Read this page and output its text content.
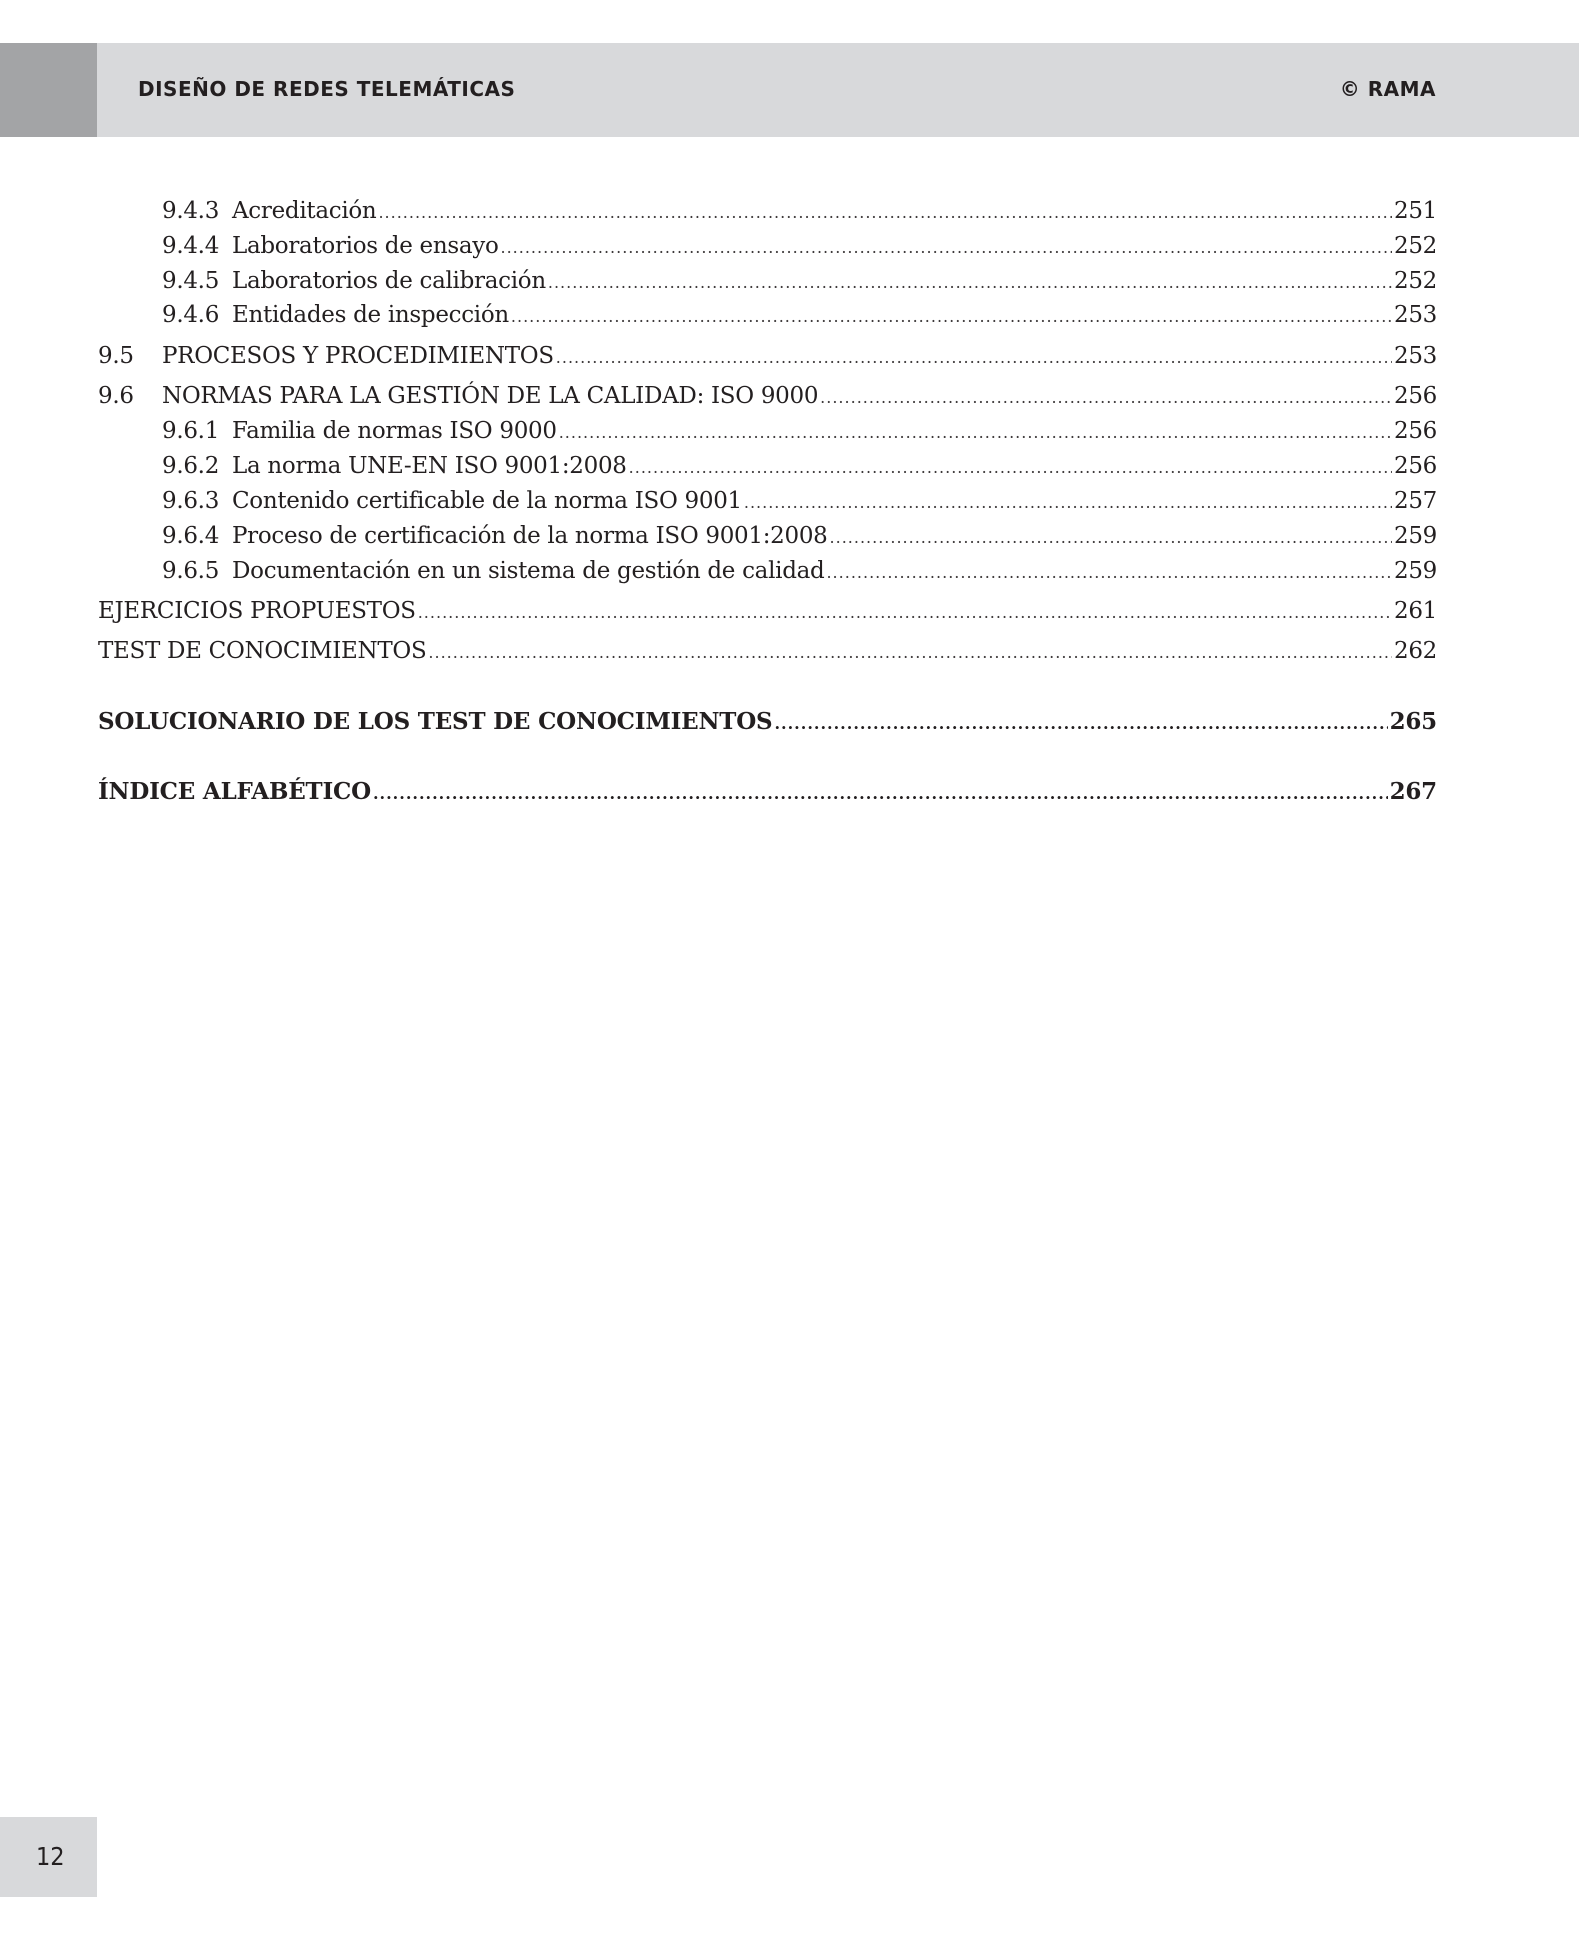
DISEÑO DE REDES TELEMÁTICAS	© RAMA
9.4.3 Acreditación .....	251
9.4.4 Laboratorios de ensayo .....	252
9.4.5 Laboratorios de calibración .....	252
9.4.6 Entidades de inspección .....	253
9.5	PROCESOS Y PROCEDIMIENTOS .....	253
9.6	NORMAS PARA LA GESTIÓN DE LA CALIDAD: ISO 9000 .....	256
9.6.1 Familia de normas ISO 9000 .....	256
9.6.2 La norma UNE-EN ISO 9001:2008 .....	256
9.6.3 Contenido certificable de la norma ISO 9001 .....	257
9.6.4 Proceso de certificación de la norma ISO 9001:2008 .....	259
9.6.5 Documentación en un sistema de gestión de calidad .....	259
EJERCICIOS PROPUESTOS .....	261
TEST DE CONOCIMIENTOS .....	262
SOLUCIONARIO DE LOS TEST DE CONOCIMIENTOS .....	265
ÍNDICE ALFABÉTICO .....	267
12
